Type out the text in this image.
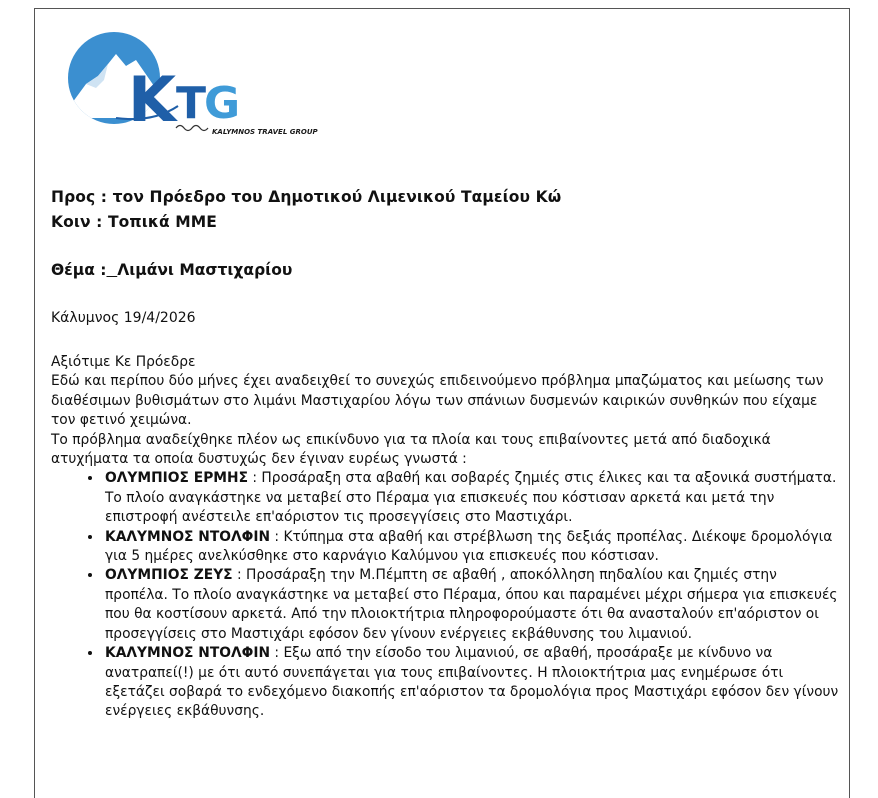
K T
G
KALYMNOS TRAVEL GROUP
Προς : τον Πρόεδρο του Δημοτικού Λιμενικού Ταμείου Κώ
Κοιν : Τοπικά ΜΜΕ
Θέμα : Λιμάνι Μαστιχαρίου
Κάλυμνος 19/4/2026

Αξιότιμε Κε Πρόεδρε

Εδώ και περίπου δύο μήνες έχει αναδειχθεί το συνεχώς επιδεινούμενο πρόβλημα μπαζώματος και μείωσης των διαθέσιμων βυθισμάτων στο λιμάνι Μαστιχαρίου λόγω των σπάνιων δυσμενών καιρικών συνθηκών που είχαμε τον φετινό χειμώνα.

Το πρόβλημα αναδείχθηκε πλέον ως επικίνδυνο για τα πλοία και τους επιβαίνοντες μετά από διαδοχικά ατυχήματα τα οποία δυστυχώς δεν έγιναν ευρέως γνωστά :

• ΟΛΥΜΠΙΟΣ ΕΡΜΗΣ : Προσάραξη στα αβαθή και σοβαρές ζημιές στις έλικες και τα αξονικά συστήματα. Το πλοίο αναγκάστηκε να μεταβεί στο Πέραμα για επισκευές που κόστισαν αρκετά και μετά την επιστροφή ανέστειλε επ'αόριστον τις προσεγγίσεις στο Μαστιχάρι.
• ΚΑΛΥΜΝΟΣ ΝΤΟΛΦΙΝ : Κτύπημα στα αβαθή και στρέβλωση της δεξιάς προπέλας. Διέκοψε δρομολόγια για 5 ημέρες ανελκύσθηκε στο καρνάγιο Καλύμνου για επισκευές που κόστισαν.
• ΟΛΥΜΠΙΟΣ ΖΕΥΣ : Προσάραξη την Μ.Πέμπτη σε αβαθή , αποκόλληση πηδαλίου και ζημιές στην προπέλα. Το πλοίο αναγκάστηκε να μεταβεί στο Πέραμα, όπου και παραμένει μέχρι σήμερα για επισκευές που θα κοστίσουν αρκετά. Από την πλοιοκτήτρια πληροφορούμαστε ότι θα ανασταλούν επ'αόριστον οι προσεγγίσεις στο Μαστιχάρι εφόσον δεν γίνουν ενέργειες εκβάθυνσης του λιμανιού.
• ΚΑΛΥΜΝΟΣ ΝΤΟΛΦΙΝ : Εξω από την είσοδο του λιμανιού, σε αβαθή, προσάραξε με κίνδυνο να ανατραπεί(!) με ότι αυτό συνεπάγεται για τους επιβαίνοντες. Η πλοιοκτήτρια μας ενημέρωσε ότι εξετάζει σοβαρά το ενδεχόμενο διακοπής επ'αόριστον τα δρομολόγια προς Μαστιχάρι εφόσον δεν γίνουν ενέργειες εκβάθυνσης.
